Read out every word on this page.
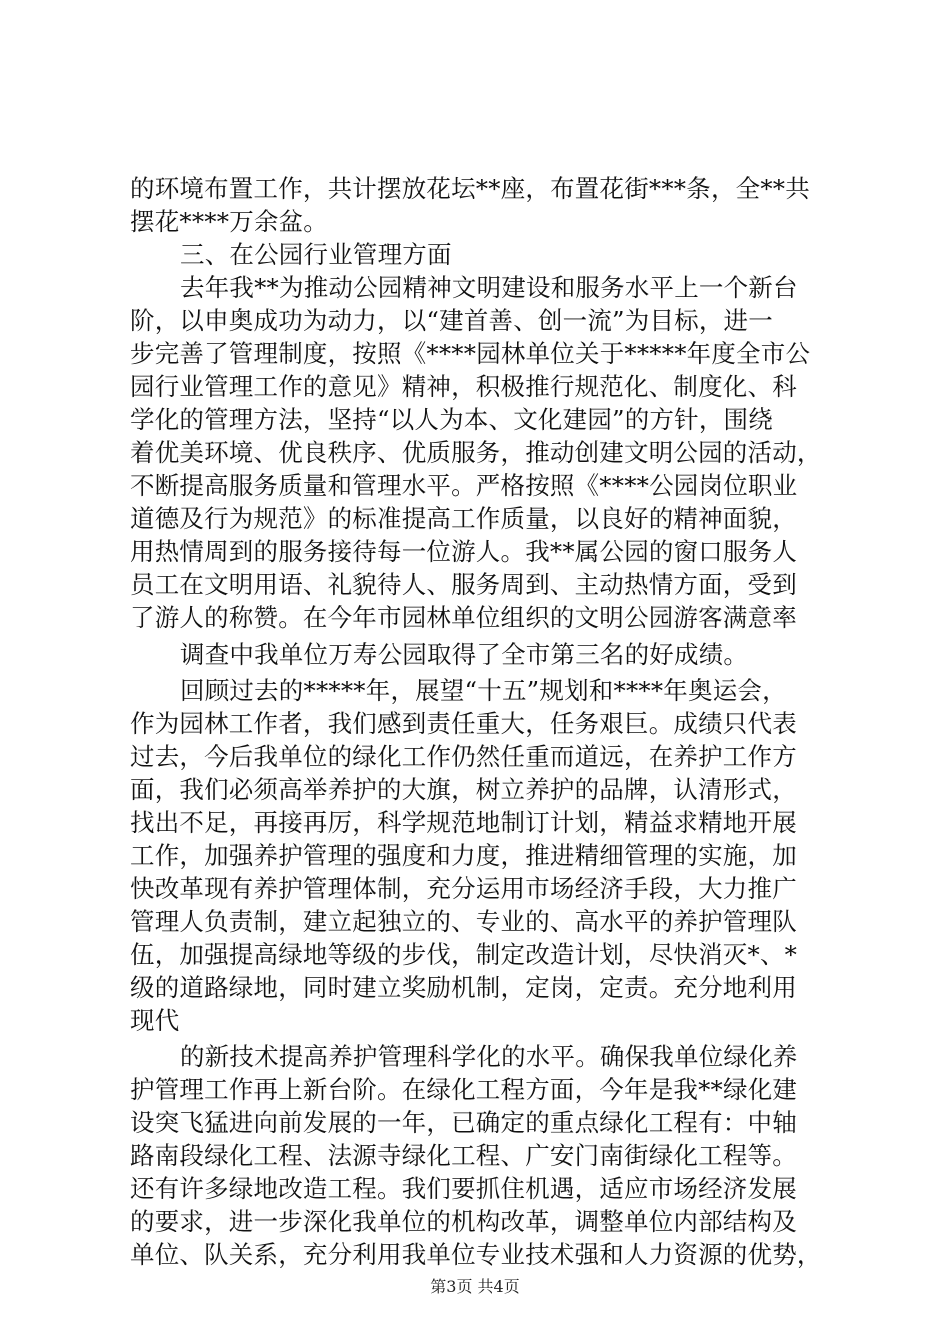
的环境布置工作，共计摆放花坛**座，布置花街***条，全**共
摆花****万余盆。
三、在公园行业管理方面
去年我**为推动公园精神文明建设和服务水平上一个新台
阶，以申奥成功为动力，以“建首善、创一流”为目标，进一
步完善了管理制度，按照《****园林单位关于*****年度全市公
园行业管理工作的意见》精神，积极推行规范化、制度化、科
学化的管理方法，坚持“以人为本、文化建园”的方针，围绕
着优美环境、优良秩序、优质服务，推动创建文明公园的活动，
不断提高服务质量和管理水平。严格按照《****公园岗位职业
道德及行为规范》的标准提高工作质量，以良好的精神面貌，
用热情周到的服务接待每一位游人。我**属公园的窗口服务人
员工在文明用语、礼貌待人、服务周到、主动热情方面，受到
了游人的称赞。在今年市园林单位组织的文明公园游客满意率
调查中我单位万寿公园取得了全市第三名的好成绩。
回顾过去的*****年，展望“十五”规划和****年奥运会，
作为园林工作者，我们感到责任重大，任务艰巨。成绩只代表
过去，今后我单位的绿化工作仍然任重而道远，在养护工作方
面，我们必须高举养护的大旗，树立养护的品牌，认清形式，
找出不足，再接再厉，科学规范地制订计划，精益求精地开展
工作，加强养护管理的强度和力度，推进精细管理的实施，加
快改革现有养护管理体制，充分运用市场经济手段，大力推广
管理人负责制，建立起独立的、专业的、高水平的养护管理队
伍，加强提高绿地等级的步伐，制定改造计划，尽快消灭*、*
级的道路绿地，同时建立奖励机制，定岗，定责。充分地利用
现代
的新技术提高养护管理科学化的水平。确保我单位绿化养
护管理工作再上新台阶。在绿化工程方面，今年是我**绿化建
设突飞猛进向前发展的一年，已确定的重点绿化工程有：中轴
路南段绿化工程、法源寺绿化工程、广安门南街绿化工程等。
还有许多绿地改造工程。我们要抓住机遇，适应市场经济发展
的要求，进一步深化我单位的机构改革，调整单位内部结构及
单位、队关系，充分利用我单位专业技术强和人力资源的优势，
第3页 共4页
